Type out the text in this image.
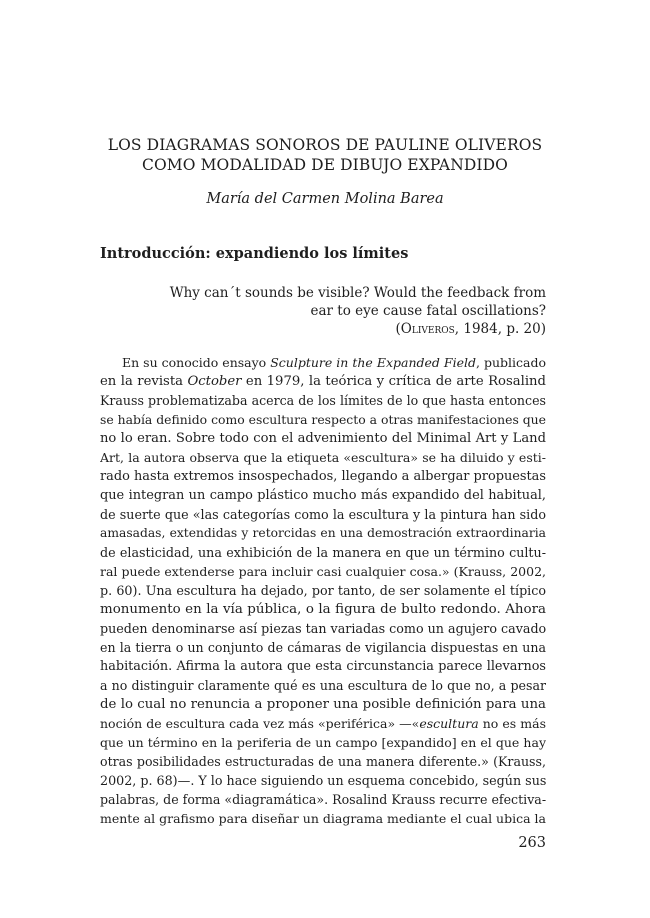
LOS DIAGRAMAS SONOROS DE PAULINE OLIVEROS
COMO MODALIDAD DE DIBUJO EXPANDIDO
María del Carmen Molina Barea
Introducción: expandiendo los límites
Why can´t sounds be visible? Would the feedback from
ear to eye cause fatal oscillations?
(Oliveros, 1984, p. 20)
En su conocido ensayo Sculpture in the Expanded Field, publicado
en la revista October en 1979, la teórica y crítica de arte Rosalind
Krauss problematizaba acerca de los límites de lo que hasta entonces
se había definido como escultura respecto a otras manifestaciones que
no lo eran. Sobre todo con el advenimiento del Minimal Art y Land
Art, la autora observa que la etiqueta «escultura» se ha diluido y esti-
rado hasta extremos insospechados, llegando a albergar propuestas
que integran un campo plástico mucho más expandido del habitual,
de suerte que «las categorías como la escultura y la pintura han sido
amasadas, extendidas y retorcidas en una demostración extraordinaria
de elasticidad, una exhibición de la manera en que un término cultu-
ral puede extenderse para incluir casi cualquier cosa.» (Krauss, 2002,
p. 60). Una escultura ha dejado, por tanto, de ser solamente el típico
monumento en la vía pública, o la figura de bulto redondo. Ahora
pueden denominarse así piezas tan variadas como un agujero cavado
en la tierra o un conjunto de cámaras de vigilancia dispuestas en una
habitación. Afirma la autora que esta circunstancia parece llevarnos
a no distinguir claramente qué es una escultura de lo que no, a pesar
de lo cual no renuncia a proponer una posible definición para una
noción de escultura cada vez más «periférica» —«escultura no es más
que un término en la periferia de un campo [expandido] en el que hay
otras posibilidades estructuradas de una manera diferente.» (Krauss,
2002, p. 68)—. Y lo hace siguiendo un esquema concebido, según sus
palabras, de forma «diagramática». Rosalind Krauss recurre efectiva-
mente al grafismo para diseñar un diagrama mediante el cual ubica la
263
